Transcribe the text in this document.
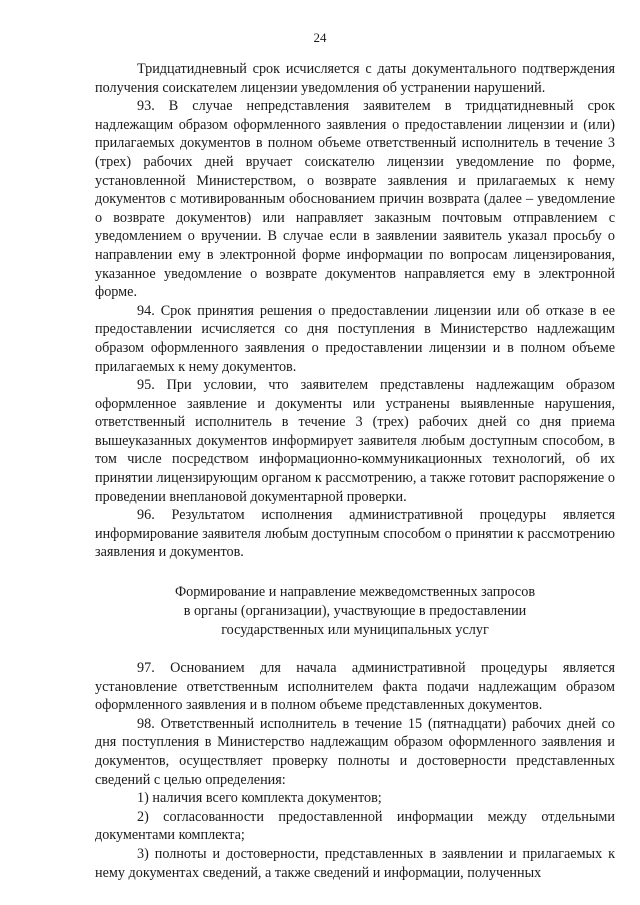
24

Тридцатидневный срок исчисляется с даты документального подтверждения получения соискателем лицензии уведомления об устранении нарушений.

93. В случае непредставления заявителем в тридцатидневный срок надлежащим образом оформленного заявления о предоставлении лицензии и (или) прилагаемых документов в полном объеме ответственный исполнитель в течение 3 (трех) рабочих дней вручает соискателю лицензии уведомление по форме, установленной Министерством, о возврате заявления и прилагаемых к нему документов с мотивированным обоснованием причин возврата (далее – уведомление о возврате документов) или направляет заказным почтовым отправлением с уведомлением о вручении. В случае если в заявлении заявитель указал просьбу о направлении ему в электронной форме информации по вопросам лицензирования, указанное уведомление о возврате документов направляется ему в электронной форме.

94. Срок принятия решения о предоставлении лицензии или об отказе в ее предоставлении исчисляется со дня поступления в Министерство надлежащим образом оформленного заявления о предоставлении лицензии и в полном объеме прилагаемых к нему документов.

95. При условии, что заявителем представлены надлежащим образом оформленное заявление и документы или устранены выявленные нарушения, ответственный исполнитель в течение 3 (трех) рабочих дней со дня приема вышеуказанных документов информирует заявителя любым доступным способом, в том числе посредством информационно-коммуникационных технологий, об их принятии лицензирующим органом к рассмотрению, а также готовит распоряжение о проведении внеплановой документарной проверки.

96. Результатом исполнения административной процедуры является информирование заявителя любым доступным способом о принятии к рассмотрению заявления и документов.

Формирование и направление межведомственных запросов
в органы (организации), участвующие в предоставлении
государственных или муниципальных услуг

97. Основанием для начала административной процедуры является установление ответственным исполнителем факта подачи надлежащим образом оформленного заявления и в полном объеме представленных документов.

98. Ответственный исполнитель в течение 15 (пятнадцати) рабочих дней со дня поступления в Министерство надлежащим образом оформленного заявления и документов, осуществляет проверку полноты и достоверности представленных сведений с целью определения:

1) наличия всего комплекта документов;

2) согласованности предоставленной информации между отдельными документами комплекта;

3) полноты и достоверности, представленных в заявлении и прилагаемых к нему документах сведений, а также сведений и информации, полученных
